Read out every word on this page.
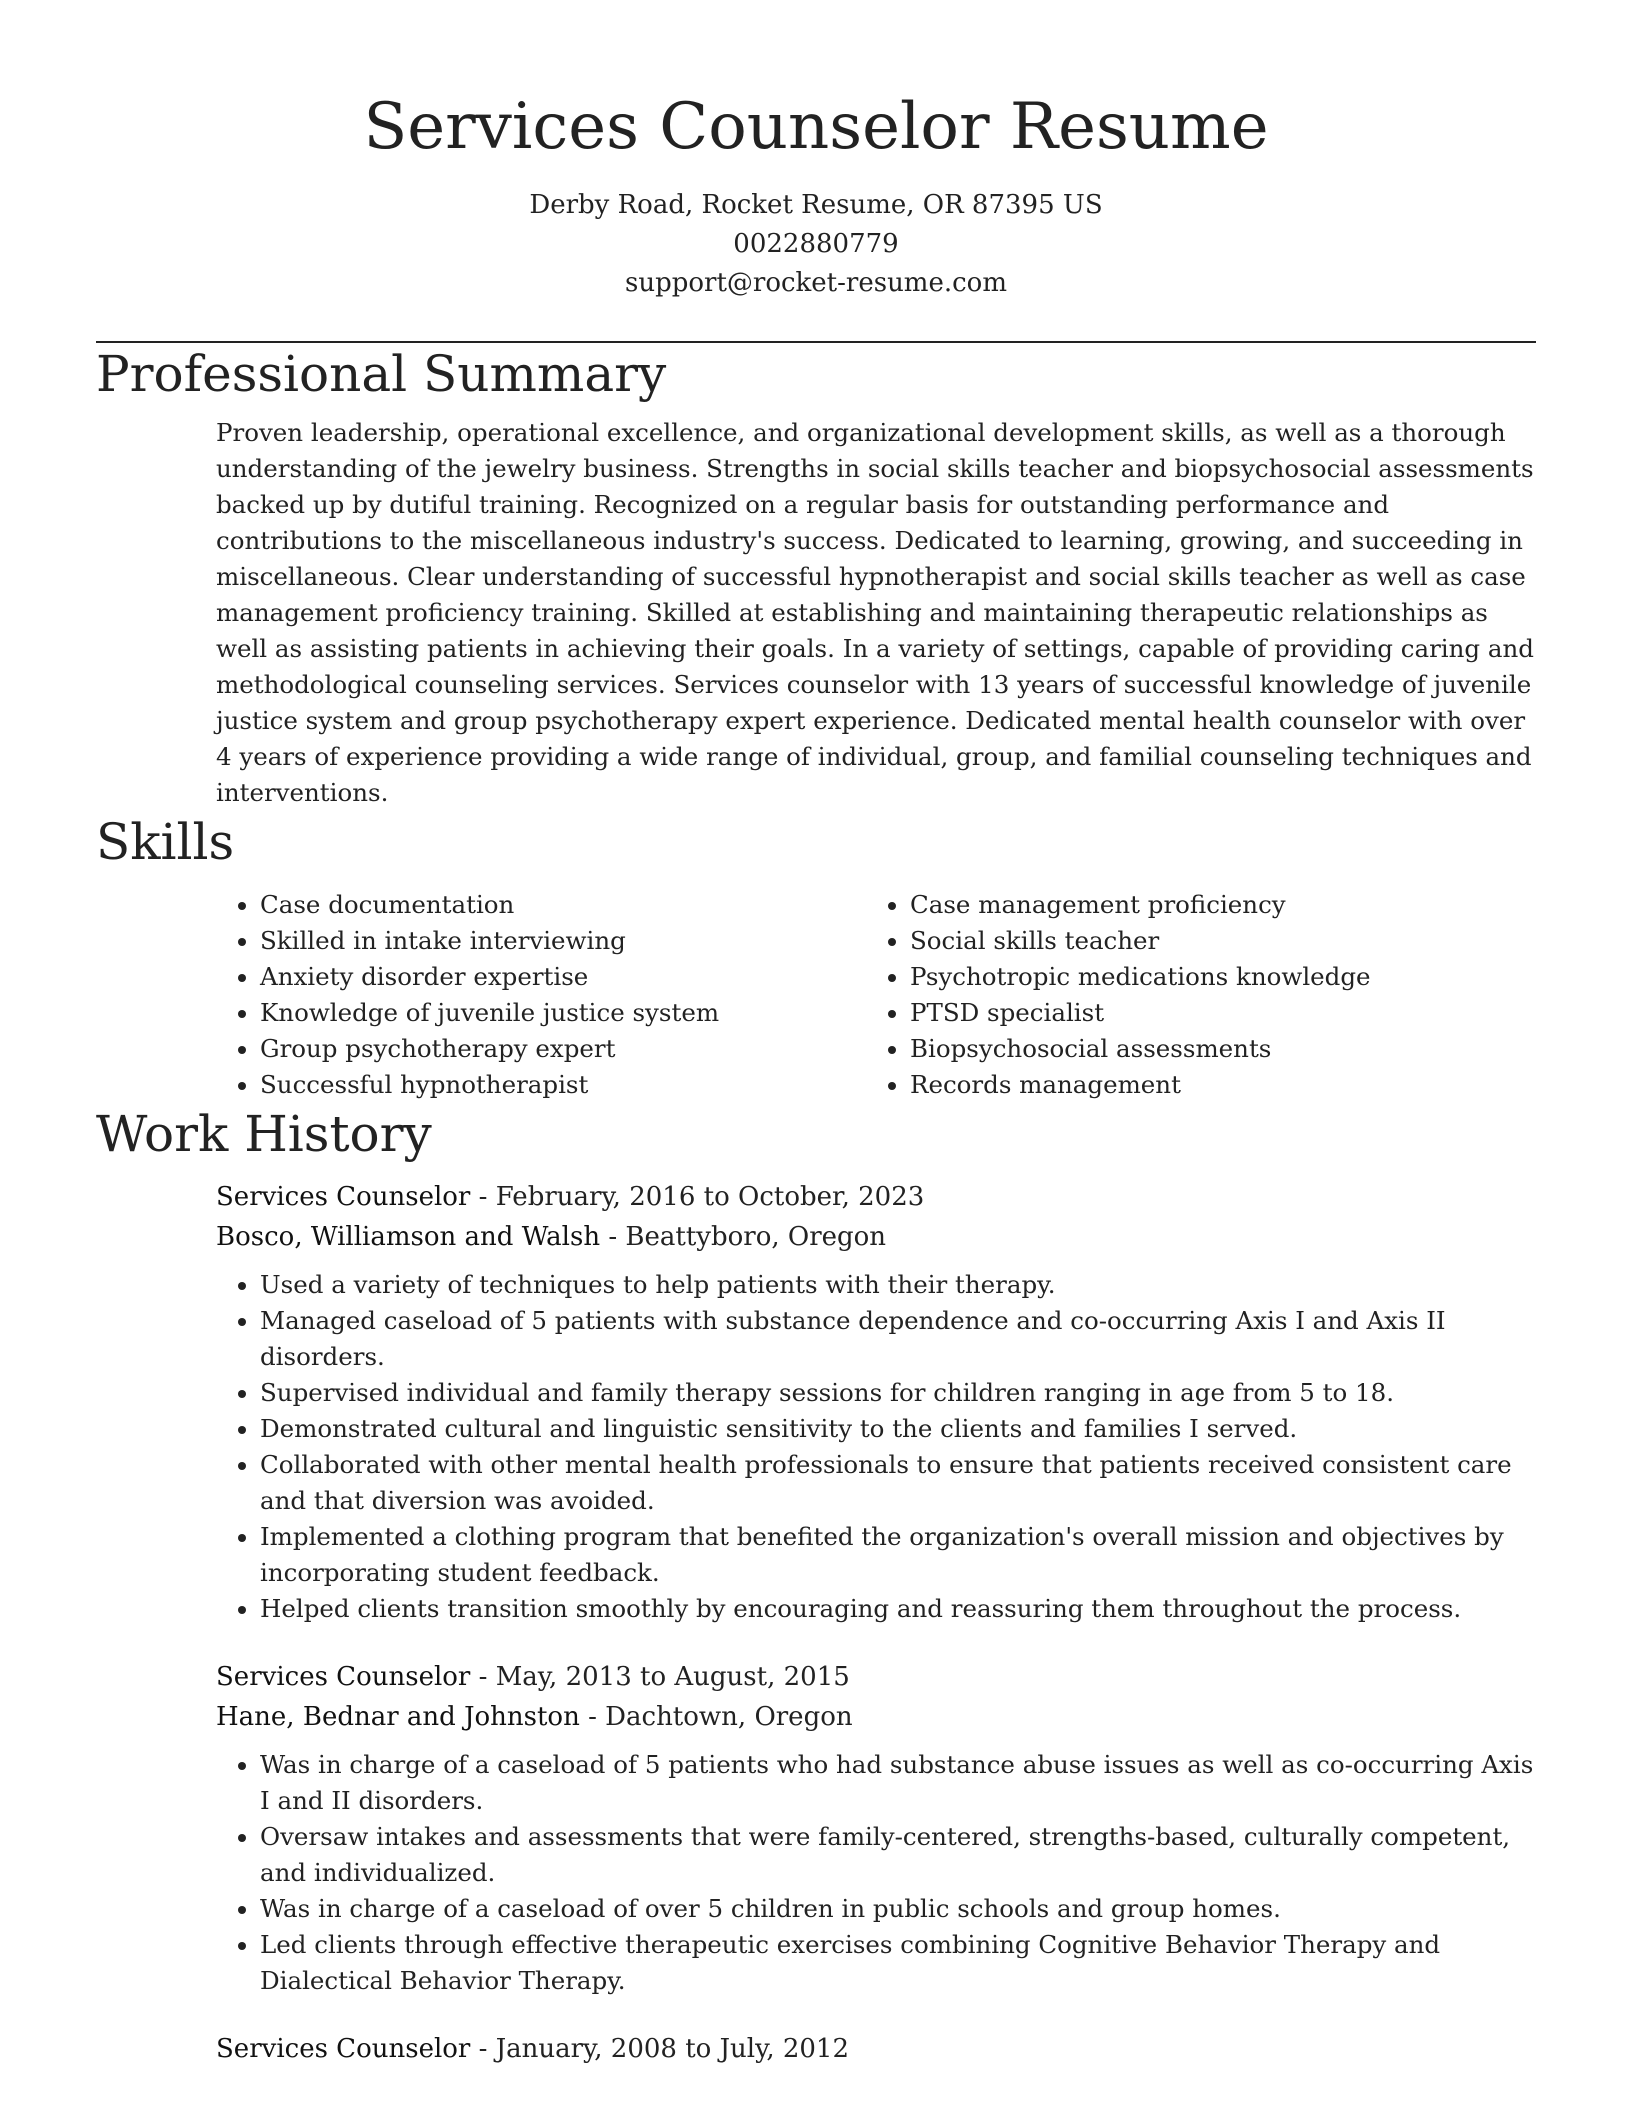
Services Counselor Resume
Derby Road, Rocket Resume, OR 87395 US
0022880779
support@rocket-resume.com
Professional Summary

Proven leadership, operational excellence, and organizational development skills, as well as a thorough understanding of the jewelry business. Strengths in social skills teacher and biopsychosocial assessments backed up by dutiful training. Recognized on a regular basis for outstanding performance and contributions to the miscellaneous industry's success. Dedicated to learning, growing, and succeeding in miscellaneous. Clear understanding of successful hypnotherapist and social skills teacher as well as case management proficiency training. Skilled at establishing and maintaining therapeutic relationships as well as assisting patients in achieving their goals. In a variety of settings, capable of providing caring and methodological counseling services. Services counselor with 13 years of successful knowledge of juvenile justice system and group psychotherapy expert experience. Dedicated mental health counselor with over 4 years of experience providing a wide range of individual, group, and familial counseling techniques and interventions.

Skills
• Case documentation
• Skilled in intake interviewing
• Anxiety disorder expertise
• Knowledge of juvenile justice system
• Group psychotherapy expert
• Successful hypnotherapist
• Case management proficiency
• Social skills teacher
• Psychotropic medications knowledge
• PTSD specialist
• Biopsychosocial assessments
• Records management
Work History
Services Counselor - February, 2016 to October, 2023
Bosco, Williamson and Walsh - Beattyboro, Oregon
• Used a variety of techniques to help patients with their therapy.
• Managed caseload of 5 patients with substance dependence and co-occurring Axis I and Axis II disorders.
• Supervised individual and family therapy sessions for children ranging in age from 5 to 18.
• Demonstrated cultural and linguistic sensitivity to the clients and families I served.
• Collaborated with other mental health professionals to ensure that patients received consistent care and that diversion was avoided.
• Implemented a clothing program that benefited the organization's overall mission and objectives by incorporating student feedback.
• Helped clients transition smoothly by encouraging and reassuring them throughout the process.
Services Counselor - May, 2013 to August, 2015
Hane, Bednar and Johnston - Dachtown, Oregon
• Was in charge of a caseload of 5 patients who had substance abuse issues as well as co-occurring Axis I and II disorders.
• Oversaw intakes and assessments that were family-centered, strengths-based, culturally competent, and individualized.
• Was in charge of a caseload of over 5 children in public schools and group homes.
• Led clients through effective therapeutic exercises combining Cognitive Behavior Therapy and Dialectical Behavior Therapy.
Services Counselor - January, 2008 to July, 2012
